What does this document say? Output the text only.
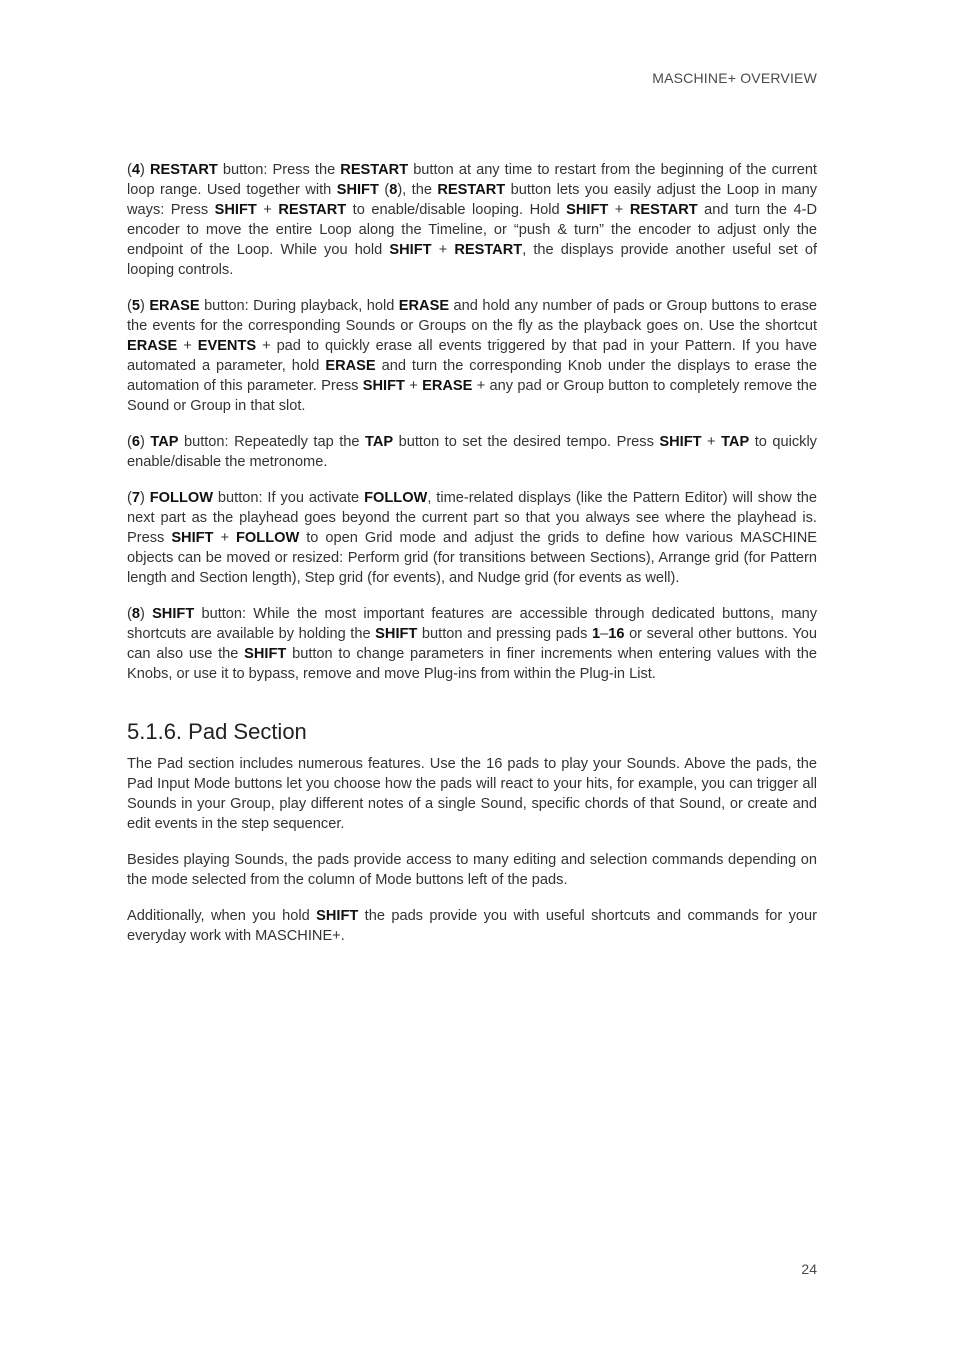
MASCHINE+ OVERVIEW

(4) RESTART button: Press the RESTART button at any time to restart from the beginning of the current loop range. Used together with SHIFT (8), the RESTART button lets you easily adjust the Loop in many ways: Press SHIFT + RESTART to enable/disable looping. Hold SHIFT + RESTART and turn the 4-D encoder to move the entire Loop along the Timeline, or “push & turn” the encoder to adjust only the endpoint of the Loop. While you hold SHIFT + RESTART, the displays provide another useful set of looping controls.

(5) ERASE button: During playback, hold ERASE and hold any number of pads or Group buttons to erase the events for the corresponding Sounds or Groups on the fly as the playback goes on. Use the shortcut ERASE + EVENTS + pad to quickly erase all events triggered by that pad in your Pattern. If you have automated a parameter, hold ERASE and turn the corresponding Knob under the displays to erase the automation of this parameter. Press SHIFT + ERASE + any pad or Group button to completely remove the Sound or Group in that slot.

(6) TAP button: Repeatedly tap the TAP button to set the desired tempo. Press SHIFT + TAP to quickly enable/disable the metronome.

(7) FOLLOW button: If you activate FOLLOW, time-related displays (like the Pattern Editor) will show the next part as the playhead goes beyond the current part so that you always see where the playhead is. Press SHIFT + FOLLOW to open Grid mode and adjust the grids to define how various MASCHINE objects can be moved or resized: Perform grid (for transitions between Sections), Arrange grid (for Pattern length and Section length), Step grid (for events), and Nudge grid (for events as well).

(8) SHIFT button: While the most important features are accessible through dedicated buttons, many shortcuts are available by holding the SHIFT button and pressing pads 1–16 or several other buttons. You can also use the SHIFT button to change parameters in finer increments when entering values with the Knobs, or use it to bypass, remove and move Plug-ins from within the Plug-in List.

5.1.6. Pad Section

The Pad section includes numerous features. Use the 16 pads to play your Sounds. Above the pads, the Pad Input Mode buttons let you choose how the pads will react to your hits, for example, you can trigger all Sounds in your Group, play different notes of a single Sound, specific chords of that Sound, or create and edit events in the step sequencer.

Besides playing Sounds, the pads provide access to many editing and selection commands depending on the mode selected from the column of Mode buttons left of the pads.

Additionally, when you hold SHIFT the pads provide you with useful shortcuts and commands for your everyday work with MASCHINE+.

24
